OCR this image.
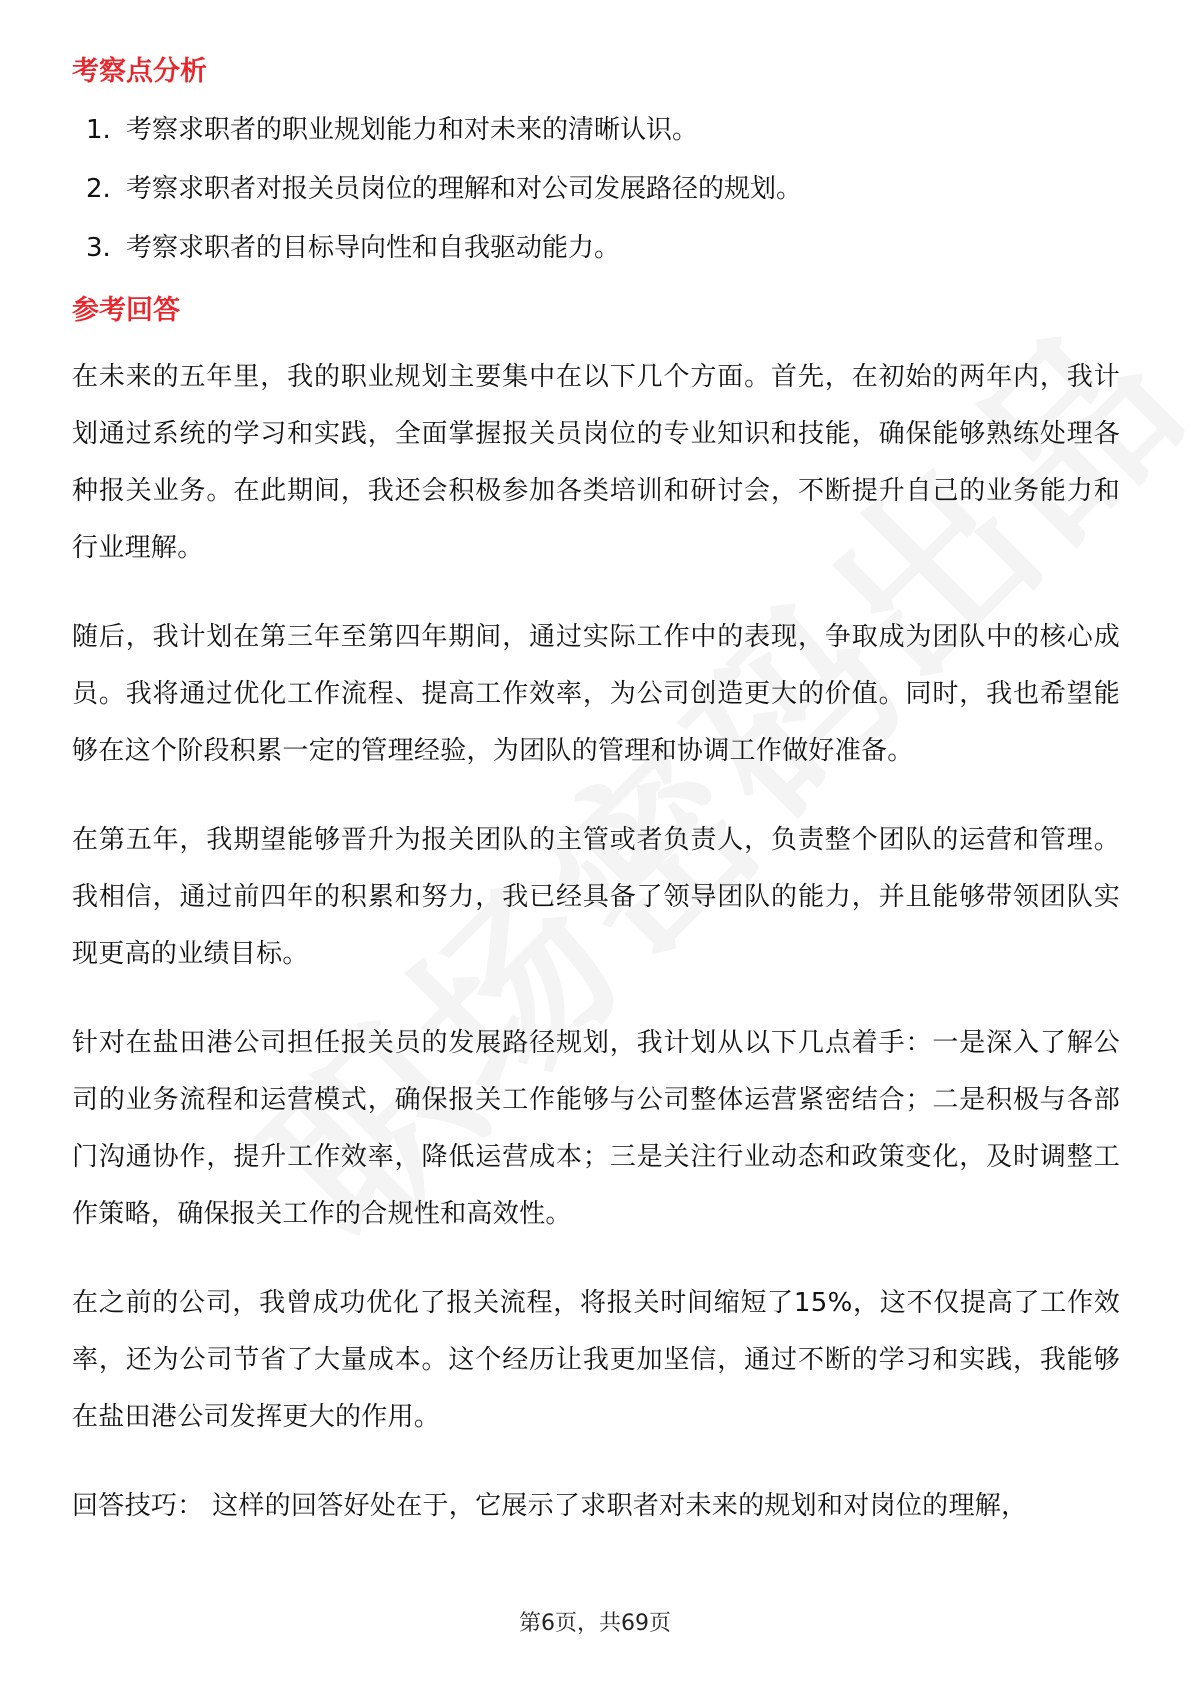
考察点分析
1. 考察求职者的职业规划能力和对未来的清晰认识。
2. 考察求职者对报关员岗位的理解和对公司发展路径的规划。
3. 考察求职者的目标导向性和自我驱动能力。
参考回答

在未来的五年里，我的职业规划主要集中在以下几个方面。首先，在初始的两年内，我计划通过系统的学习和实践，全面掌握报关员岗位的专业知识和技能，确保能够熟练处理各种报关业务。在此期间，我还会积极参加各类培训和研讨会，不断提升自己的业务能力和行业理解。

随后，我计划在第三年至第四年期间，通过实际工作中的表现，争取成为团队中的核心成员。我将通过优化工作流程、提高工作效率，为公司创造更大的价值。同时，我也希望能够在这个阶段积累一定的管理经验，为团队的管理和协调工作做好准备。

在第五年，我期望能够晋升为报关团队的主管或者负责人，负责整个团队的运营和管理。我相信，通过前四年的积累和努力，我已经具备了领导团队的能力，并且能够带领团队实现更高的业绩目标。

针对在盐田港公司担任报关员的发展路径规划，我计划从以下几点着手：一是深入了解公司的业务流程和运营模式，确保报关工作能够与公司整体运营紧密结合；二是积极与各部门沟通协作，提升工作效率，降低运营成本；三是关注行业动态和政策变化，及时调整工作策略，确保报关工作的合规性和高效性。

在之前的公司，我曾成功优化了报关流程，将报关时间缩短了15%，这不仅提高了工作效率，还为公司节省了大量成本。这个经历让我更加坚信，通过不断的学习和实践，我能够在盐田港公司发挥更大的作用。

回答技巧： 这样的回答好处在于，它展示了求职者对未来的规划和对岗位的理解，

第6页，共69页
